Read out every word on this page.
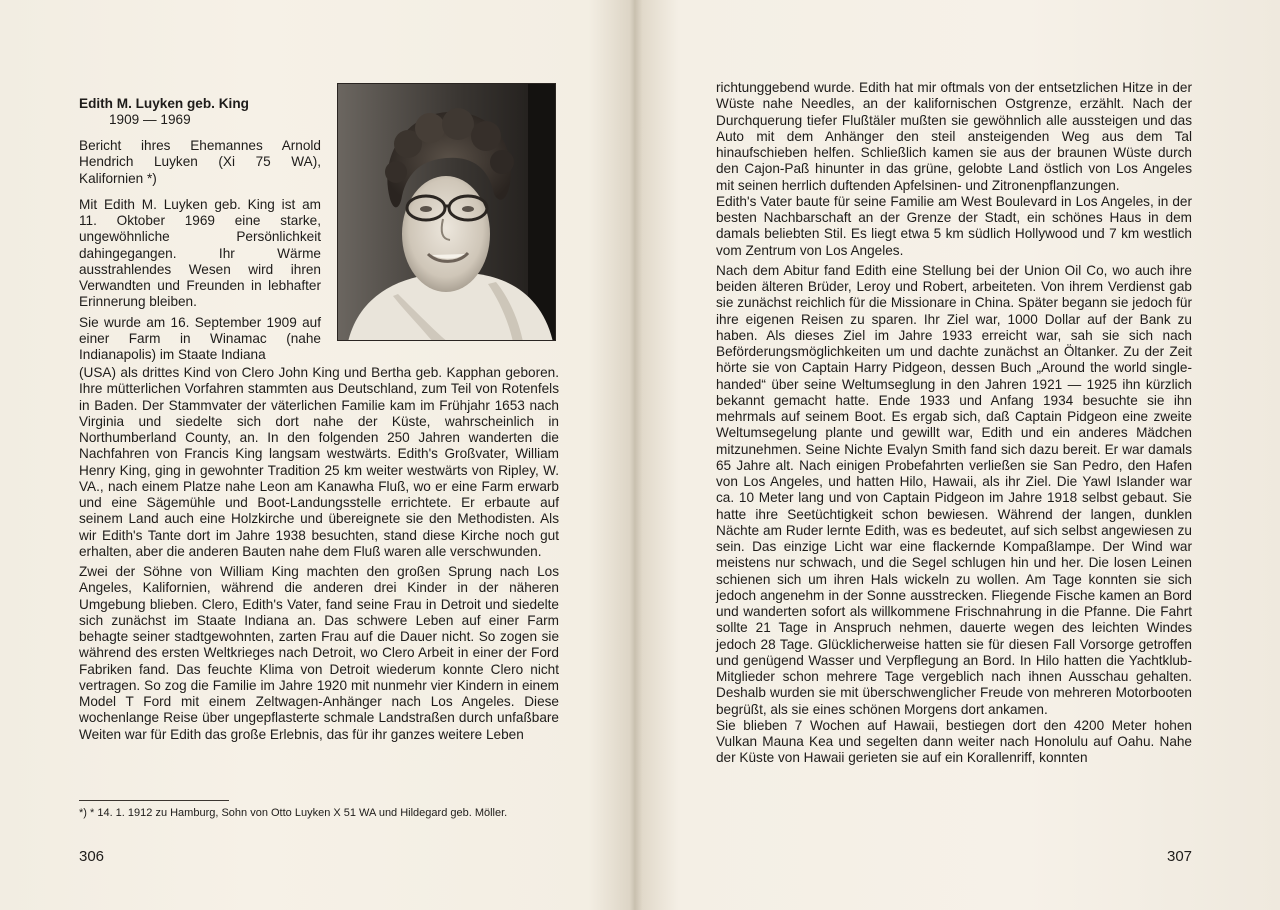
Edith M. Luyken geb. King
1909 — 1969

Bericht ihres Ehemannes Arnold Hendrich Luyken (Xi 75 WA), Kalifornien *)

Mit Edith M. Luyken geb. King ist am 11. Oktober 1969 eine starke, ungewöhnliche Persönlichkeit dahingegangen. Ihr Wärme ausstrahlendes Wesen wird ihren Verwandten und Freunden in lebhafter Erinnerung bleiben.

Sie wurde am 16. September 1909 auf einer Farm in Winamac (nahe Indianapolis) im Staate Indiana

(USA) als drittes Kind von Clero John King und Bertha geb. Kapphan geboren. Ihre mütterlichen Vorfahren stammten aus Deutschland, zum Teil von Rotenfels in Baden. Der Stammvater der väterlichen Familie kam im Frühjahr 1653 nach Virginia und siedelte sich dort nahe der Küste, wahrscheinlich in Northumberland County, an. In den folgenden 250 Jahren wanderten die Nachfahren von Francis King langsam westwärts. Edith's Großvater, William Henry King, ging in gewohnter Tradition 25 km weiter westwärts von Ripley, W. VA., nach einem Platze nahe Leon am Kanawha Fluß, wo er eine Farm erwarb und eine Sägemühle und Boot-Landungsstelle errichtete. Er erbaute auf seinem Land auch eine Holzkirche und übereignete sie den Methodisten. Als wir Edith's Tante dort im Jahre 1938 besuchten, stand diese Kirche noch gut erhalten, aber die anderen Bauten nahe dem Fluß waren alle verschwunden.

Zwei der Söhne von William King machten den großen Sprung nach Los Angeles, Kalifornien, während die anderen drei Kinder in der näheren Umgebung blieben. Clero, Edith's Vater, fand seine Frau in Detroit und siedelte sich zunächst im Staate Indiana an. Das schwere Leben auf einer Farm behagte seiner stadtgewohnten, zarten Frau auf die Dauer nicht. So zogen sie während des ersten Weltkrieges nach Detroit, wo Clero Arbeit in einer der Ford Fabriken fand. Das feuchte Klima von Detroit wiederum konnte Clero nicht vertragen. So zog die Familie im Jahre 1920 mit nunmehr vier Kindern in einem Model T Ford mit einem Zeltwagen-Anhänger nach Los Angeles. Diese wochenlange Reise über ungepflasterte schmale Landstraßen durch unfaßbare Weiten war für Edith das große Erlebnis, das für ihr ganzes weitere Leben

*) * 14. 1. 1912 zu Hamburg, Sohn von Otto Luyken X 51 WA und Hildegard geb. Möller.
306

richtunggebend wurde. Edith hat mir oftmals von der entsetzlichen Hitze in der Wüste nahe Needles, an der kalifornischen Ostgrenze, erzählt. Nach der Durchquerung tiefer Flußtäler mußten sie gewöhnlich alle aussteigen und das Auto mit dem Anhänger den steil ansteigenden Weg aus dem Tal hinaufschieben helfen. Schließlich kamen sie aus der braunen Wüste durch den Cajon-Paß hinunter in das grüne, gelobte Land östlich von Los Angeles mit seinen herrlich duftenden Apfelsinen- und Zitronenpflanzungen.

Edith's Vater baute für seine Familie am West Boulevard in Los Angeles, in der besten Nachbarschaft an der Grenze der Stadt, ein schönes Haus in dem damals beliebten Stil. Es liegt etwa 5 km südlich Hollywood und 7 km westlich vom Zentrum von Los Angeles.

Nach dem Abitur fand Edith eine Stellung bei der Union Oil Co, wo auch ihre beiden älteren Brüder, Leroy und Robert, arbeiteten. Von ihrem Verdienst gab sie zunächst reichlich für die Missionare in China. Später begann sie jedoch für ihre eigenen Reisen zu sparen. Ihr Ziel war, 1000 Dollar auf der Bank zu haben. Als dieses Ziel im Jahre 1933 erreicht war, sah sie sich nach Beförderungsmöglichkeiten um und dachte zunächst an Öltanker. Zu der Zeit hörte sie von Captain Harry Pidgeon, dessen Buch „Around the world single-handed“ über seine Weltumseglung in den Jahren 1921 — 1925 ihn kürzlich bekannt gemacht hatte. Ende 1933 und Anfang 1934 besuchte sie ihn mehrmals auf seinem Boot. Es ergab sich, daß Captain Pidgeon eine zweite Weltumsegelung plante und gewillt war, Edith und ein anderes Mädchen mitzunehmen. Seine Nichte Evalyn Smith fand sich dazu bereit. Er war damals 65 Jahre alt. Nach einigen Probefahrten verließen sie San Pedro, den Hafen von Los Angeles, und hatten Hilo, Hawaii, als ihr Ziel. Die Yawl Islander war ca. 10 Meter lang und von Captain Pidgeon im Jahre 1918 selbst gebaut. Sie hatte ihre Seetüchtigkeit schon bewiesen. Während der langen, dunklen Nächte am Ruder lernte Edith, was es bedeutet, auf sich selbst angewiesen zu sein. Das einzige Licht war eine flackernde Kompaßlampe. Der Wind war meistens nur schwach, und die Segel schlugen hin und her. Die losen Leinen schienen sich um ihren Hals wickeln zu wollen. Am Tage konnten sie sich jedoch angenehm in der Sonne ausstrecken. Fliegende Fische kamen an Bord und wanderten sofort als willkommene Frischnahrung in die Pfanne. Die Fahrt sollte 21 Tage in Anspruch nehmen, dauerte wegen des leichten Windes jedoch 28 Tage. Glücklicherweise hatten sie für diesen Fall Vorsorge getroffen und genügend Wasser und Verpflegung an Bord. In Hilo hatten die Yachtklub-Mitglieder schon mehrere Tage vergeblich nach ihnen Ausschau gehalten. Deshalb wurden sie mit überschwenglicher Freude von mehreren Motorbooten begrüßt, als sie eines schönen Morgens dort ankamen.

Sie blieben 7 Wochen auf Hawaii, bestiegen dort den 4200 Meter hohen Vulkan Mauna Kea und segelten dann weiter nach Honolulu auf Oahu. Nahe der Küste von Hawaii gerieten sie auf ein Korallenriff, konnten

307
